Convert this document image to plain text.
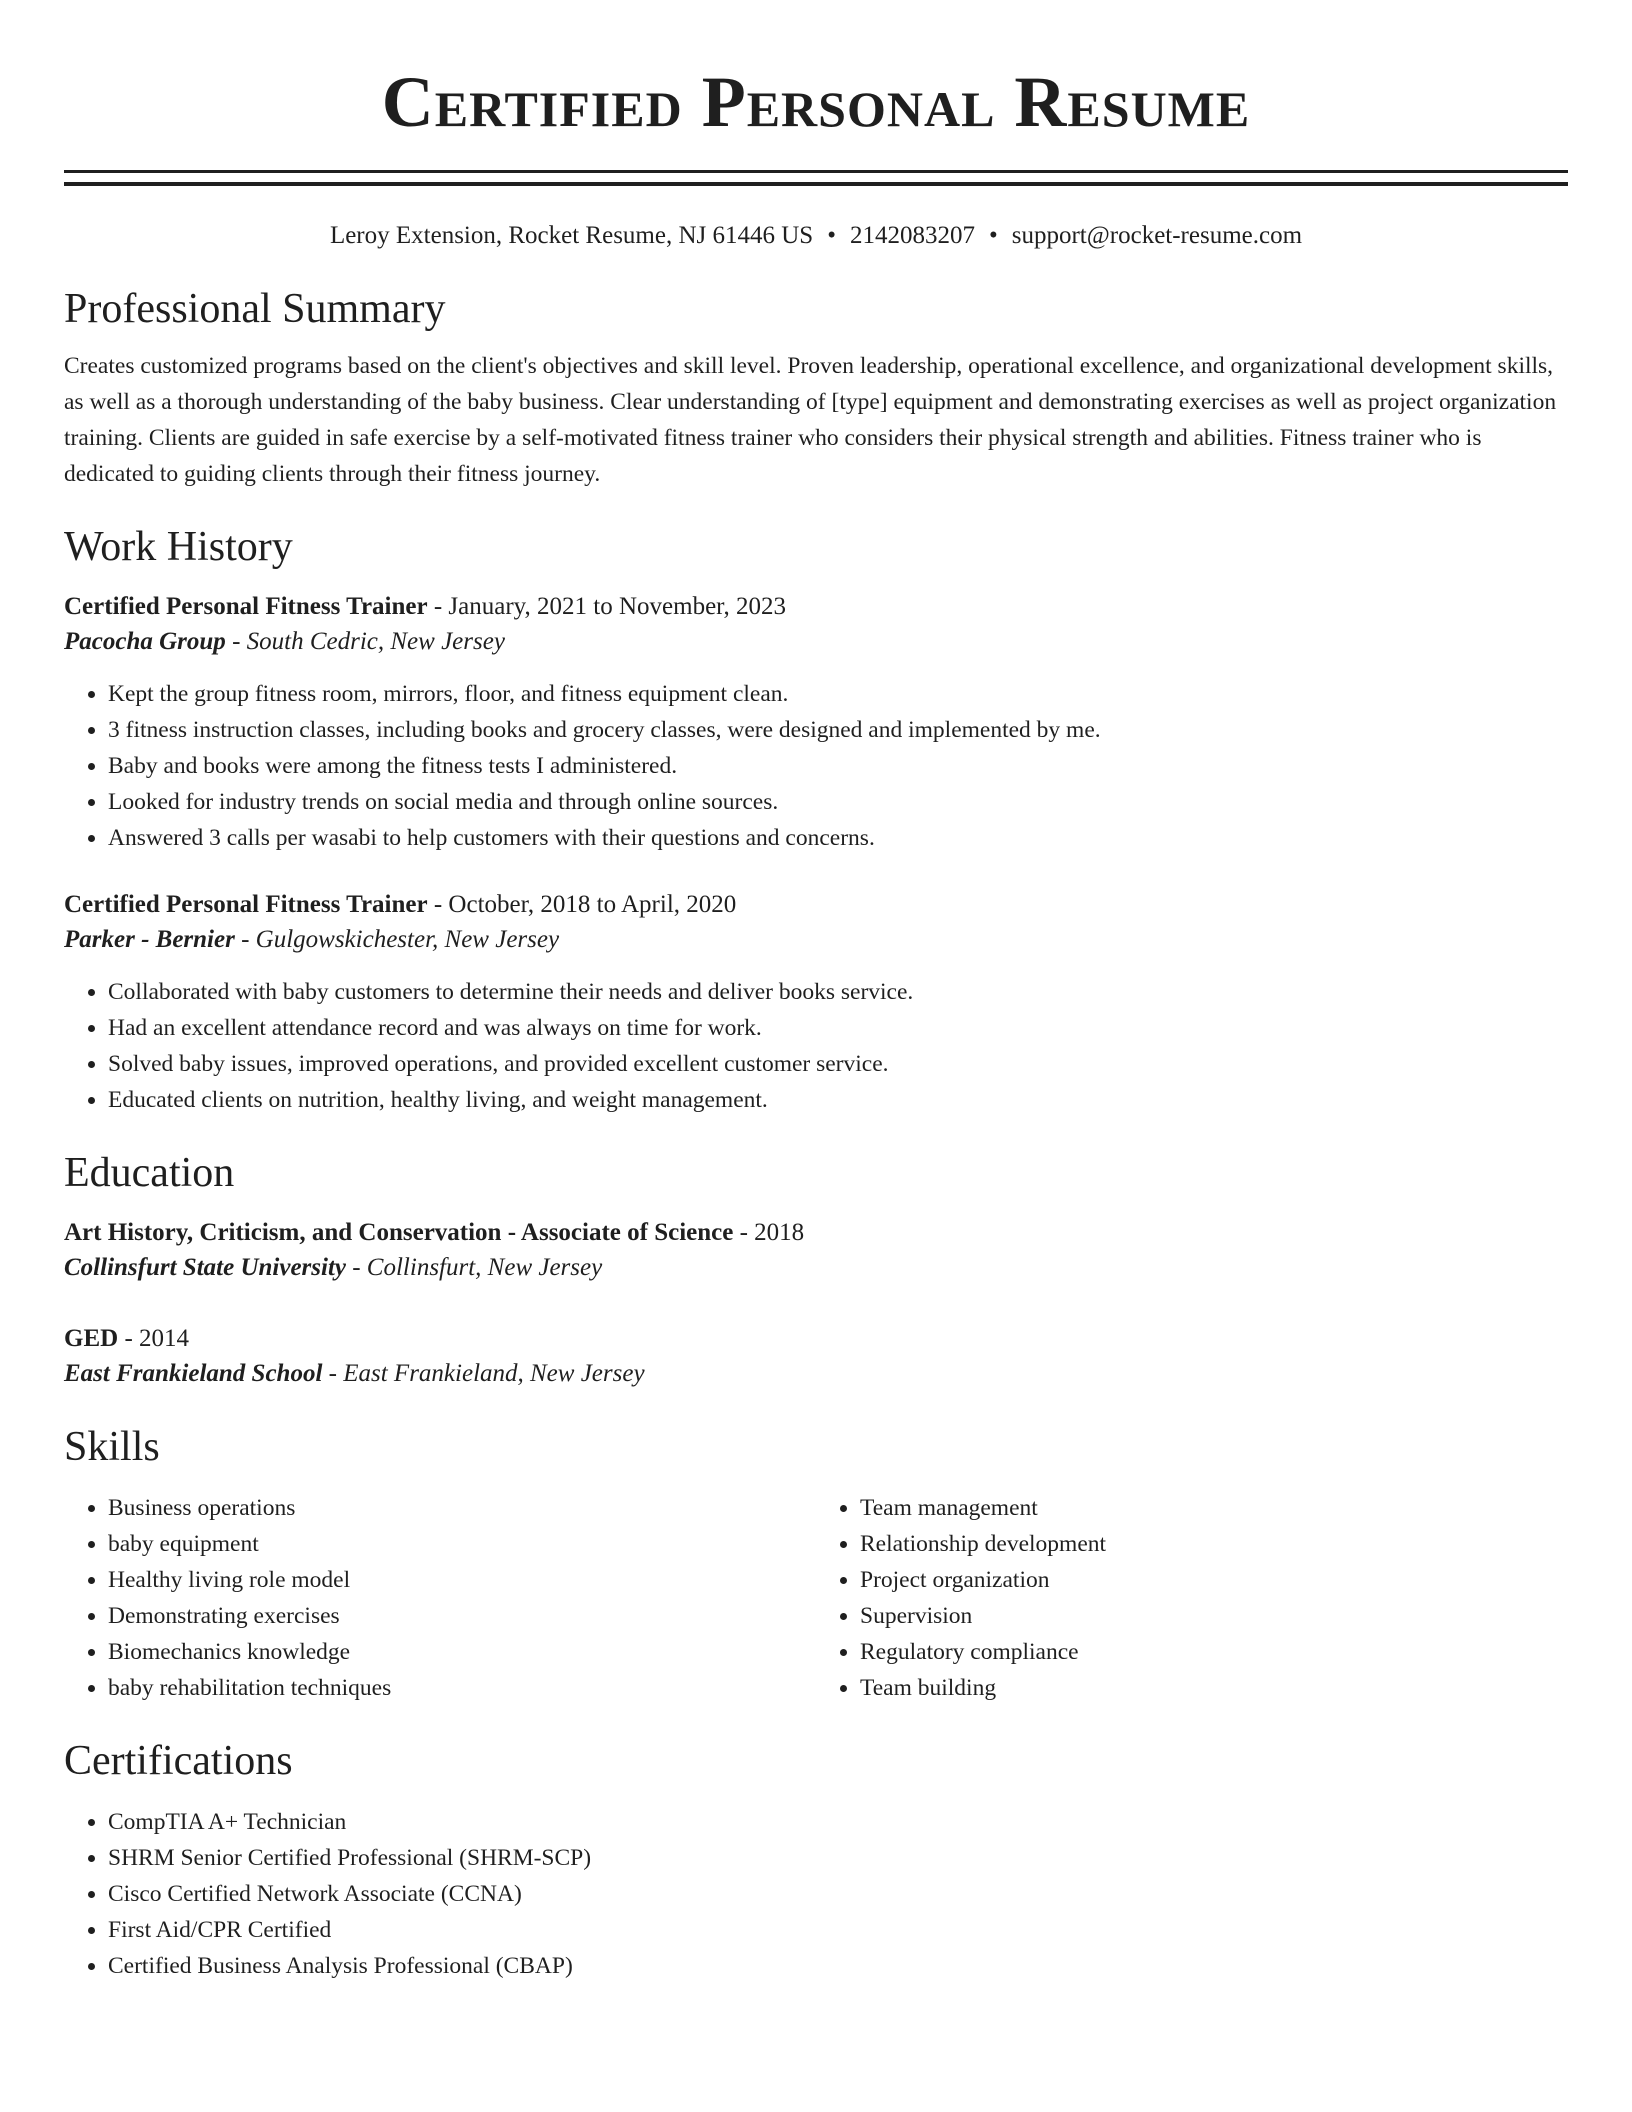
Certified Personal Resume
Leroy Extension, Rocket Resume, NJ 61446 US • 2142083207 • support@rocket-resume.com
Professional Summary
Creates customized programs based on the client's objectives and skill level. Proven leadership, operational excellence, and organizational development skills, as well as a thorough understanding of the baby business. Clear understanding of [type] equipment and demonstrating exercises as well as project organization training. Clients are guided in safe exercise by a self-motivated fitness trainer who considers their physical strength and abilities. Fitness trainer who is dedicated to guiding clients through their fitness journey.
Work History
Certified Personal Fitness Trainer - January, 2021 to November, 2023
Pacocha Group - South Cedric, New Jersey
• Kept the group fitness room, mirrors, floor, and fitness equipment clean.
• 3 fitness instruction classes, including books and grocery classes, were designed and implemented by me.
• Baby and books were among the fitness tests I administered.
• Looked for industry trends on social media and through online sources.
• Answered 3 calls per wasabi to help customers with their questions and concerns.
Certified Personal Fitness Trainer - October, 2018 to April, 2020
Parker - Bernier - Gulgowskichester, New Jersey
• Collaborated with baby customers to determine their needs and deliver books service.
• Had an excellent attendance record and was always on time for work.
• Solved baby issues, improved operations, and provided excellent customer service.
• Educated clients on nutrition, healthy living, and weight management.
Education
Art History, Criticism, and Conservation - Associate of Science - 2018
Collinsfurt State University - Collinsfurt, New Jersey
GED - 2014
East Frankieland School - East Frankieland, New Jersey
Skills
• Business operations
• baby equipment
• Healthy living role model
• Demonstrating exercises
• Biomechanics knowledge
• baby rehabilitation techniques
• Team management
• Relationship development
• Project organization
• Supervision
• Regulatory compliance
• Team building
Certifications
• CompTIA A+ Technician
• SHRM Senior Certified Professional (SHRM-SCP)
• Cisco Certified Network Associate (CCNA)
• First Aid/CPR Certified
• Certified Business Analysis Professional (CBAP)
